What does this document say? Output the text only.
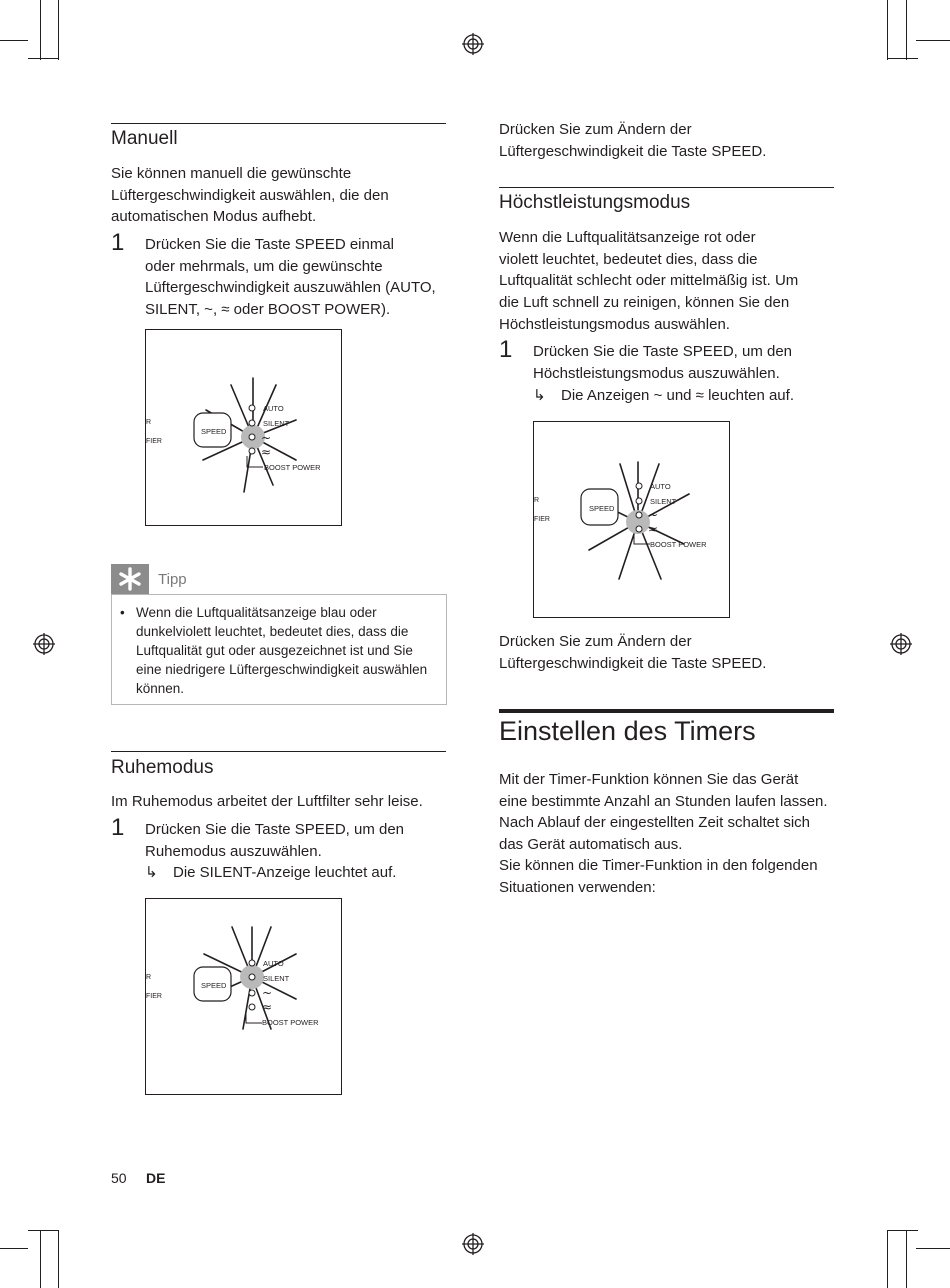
Manuell

Sie können manuell die gewünschte

Lüftergeschwindigkeit auswählen, die den

automatischen Modus aufhebt.

1 Drücken Sie die Taste SPEED einmal

oder mehrmals, um die gewünschte

Lüftergeschwindigkeit auszuwählen (AUTO,

SILENT, ~, ≈ oder BOOST POWER).

SPEED
AUTO
SILENT
~
≈
BOOST POWER
R
FIER
Tipp
• Wenn die Luftqualitätsanzeige blau oder

dunkelviolett leuchtet, bedeutet dies, dass die

Luftqualität gut oder ausgezeichnet ist und Sie

eine niedrigere Lüftergeschwindigkeit auswählen

können.

Ruhemodus

Im Ruhemodus arbeitet der Luftfilter sehr leise.

1 Drücken Sie die Taste SPEED, um den

Ruhemodus auszuwählen.

↳ Die SILENT-Anzeige leuchtet auf.

SPEED
AUTO
SILENT
~
≈
BOOST POWER
R
FIER
50 DE

Drücken Sie zum Ändern der

Lüftergeschwindigkeit die Taste SPEED.

Höchstleistungsmodus

Wenn die Luftqualitätsanzeige rot oder

violett leuchtet, bedeutet dies, dass die

Luftqualität schlecht oder mittelmäßig ist. Um

die Luft schnell zu reinigen, können Sie den

Höchstleistungsmodus auswählen.

1 Drücken Sie die Taste SPEED, um den

Höchstleistungsmodus auszuwählen.

↳ Die Anzeigen ~ und ≈ leuchten auf.

SPEED
AUTO
SILENT
~
≈
BOOST POWER
R
FIER

Drücken Sie zum Ändern der

Lüftergeschwindigkeit die Taste SPEED.

Einstellen des Timers

Mit der Timer-Funktion können Sie das Gerät

eine bestimmte Anzahl an Stunden laufen lassen.

Nach Ablauf der eingestellten Zeit schaltet sich

das Gerät automatisch aus.

Sie können die Timer-Funktion in den folgenden

Situationen verwenden:
